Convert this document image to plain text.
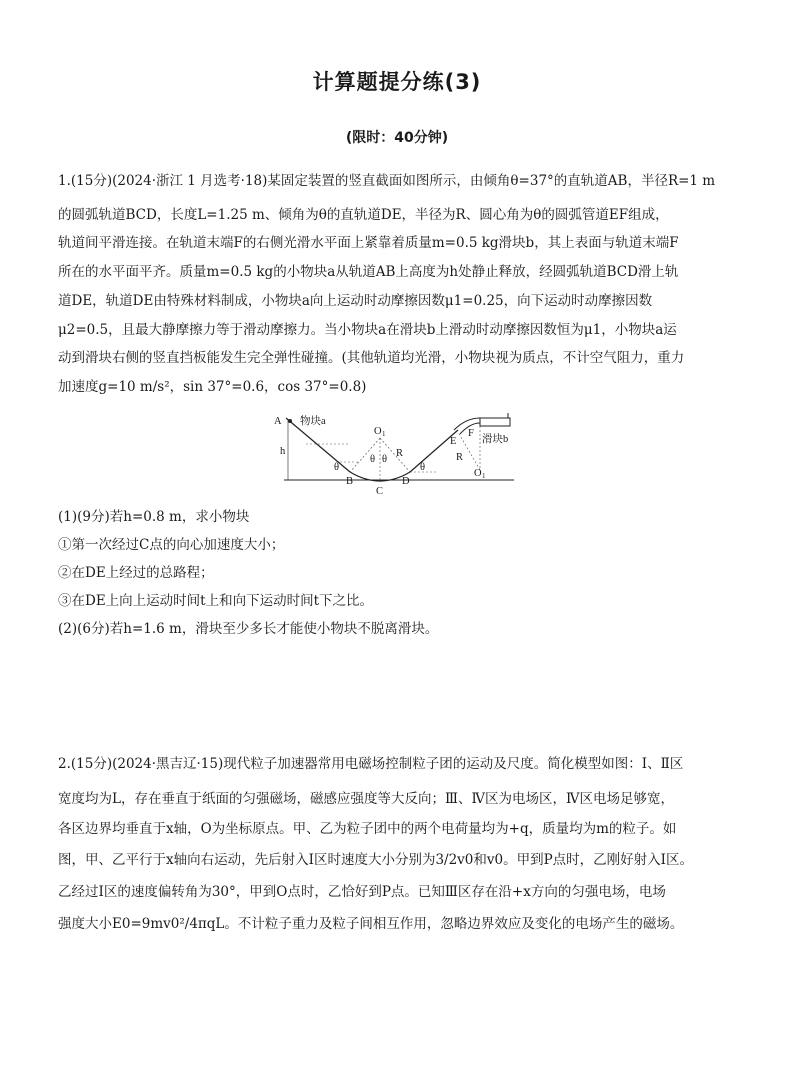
计算题提分练(3)
(限时：40分钟)
1.(15分)(2024·浙江 1 月选考·18)某固定装置的竖直截面如图所示，由倾角θ=37°的直轨道AB，半径R=1 m
的圆弧轨道BCD，长度L=1.25 m、倾角为θ的直轨道DE，半径为R、圆心角为θ的圆弧管道EF组成，
轨道间平滑连接。在轨道末端F的右侧光滑水平面上紧靠着质量m=0.5 kg滑块b，其上表面与轨道末端F
所在的水平面平齐。质量m=0.5 kg的小物块a从轨道AB上高度为h处静止释放，经圆弧轨道BCD滑上轨
道DE，轨道DE由特殊材料制成，小物块a向上运动时动摩擦因数μ1=0.25，向下运动时动摩擦因数
μ2=0.5，且最大静摩擦力等于滑动摩擦力。当小物块a在滑块b上滑动时动摩擦因数恒为μ1，小物块a运
动到滑块右侧的竖直挡板能发生完全弹性碰撞。(其他轨道均光滑，小物块视为质点，不计空气阻力，重力
加速度g=10 m/s²，sin 37°=0.6，cos 37°=0.8)
A 物块a
h
θ
B
C
O 1
R
θ θ
D
θ
E
F
R
滑块b
O 1
(1)(9分)若h=0.8 m，求小物块
①第一次经过C点的向心加速度大小；
②在DE上经过的总路程；
③在DE上向上运动时间t上和向下运动时间t下之比。
(2)(6分)若h=1.6 m，滑块至少多长才能使小物块不脱离滑块。
2.(15分)(2024·黑吉辽·15)现代粒子加速器常用电磁场控制粒子团的运动及尺度。简化模型如图：Ⅰ、Ⅱ区
宽度均为L，存在垂直于纸面的匀强磁场，磁感应强度等大反向；Ⅲ、Ⅳ区为电场区，Ⅳ区电场足够宽，
各区边界均垂直于x轴，O为坐标原点。甲、乙为粒子团中的两个电荷量均为+q，质量均为m的粒子。如
图，甲、乙平行于x轴向右运动，先后射入Ⅰ区时速度大小分别为3/2v0和v0。甲到P点时，乙刚好射入Ⅰ区。
乙经过Ⅰ区的速度偏转角为30°，甲到O点时，乙恰好到P点。已知Ⅲ区存在沿+x方向的匀强电场，电场
强度大小E0=9mv0²/4πqL。不计粒子重力及粒子间相互作用，忽略边界效应及变化的电场产生的磁场。
